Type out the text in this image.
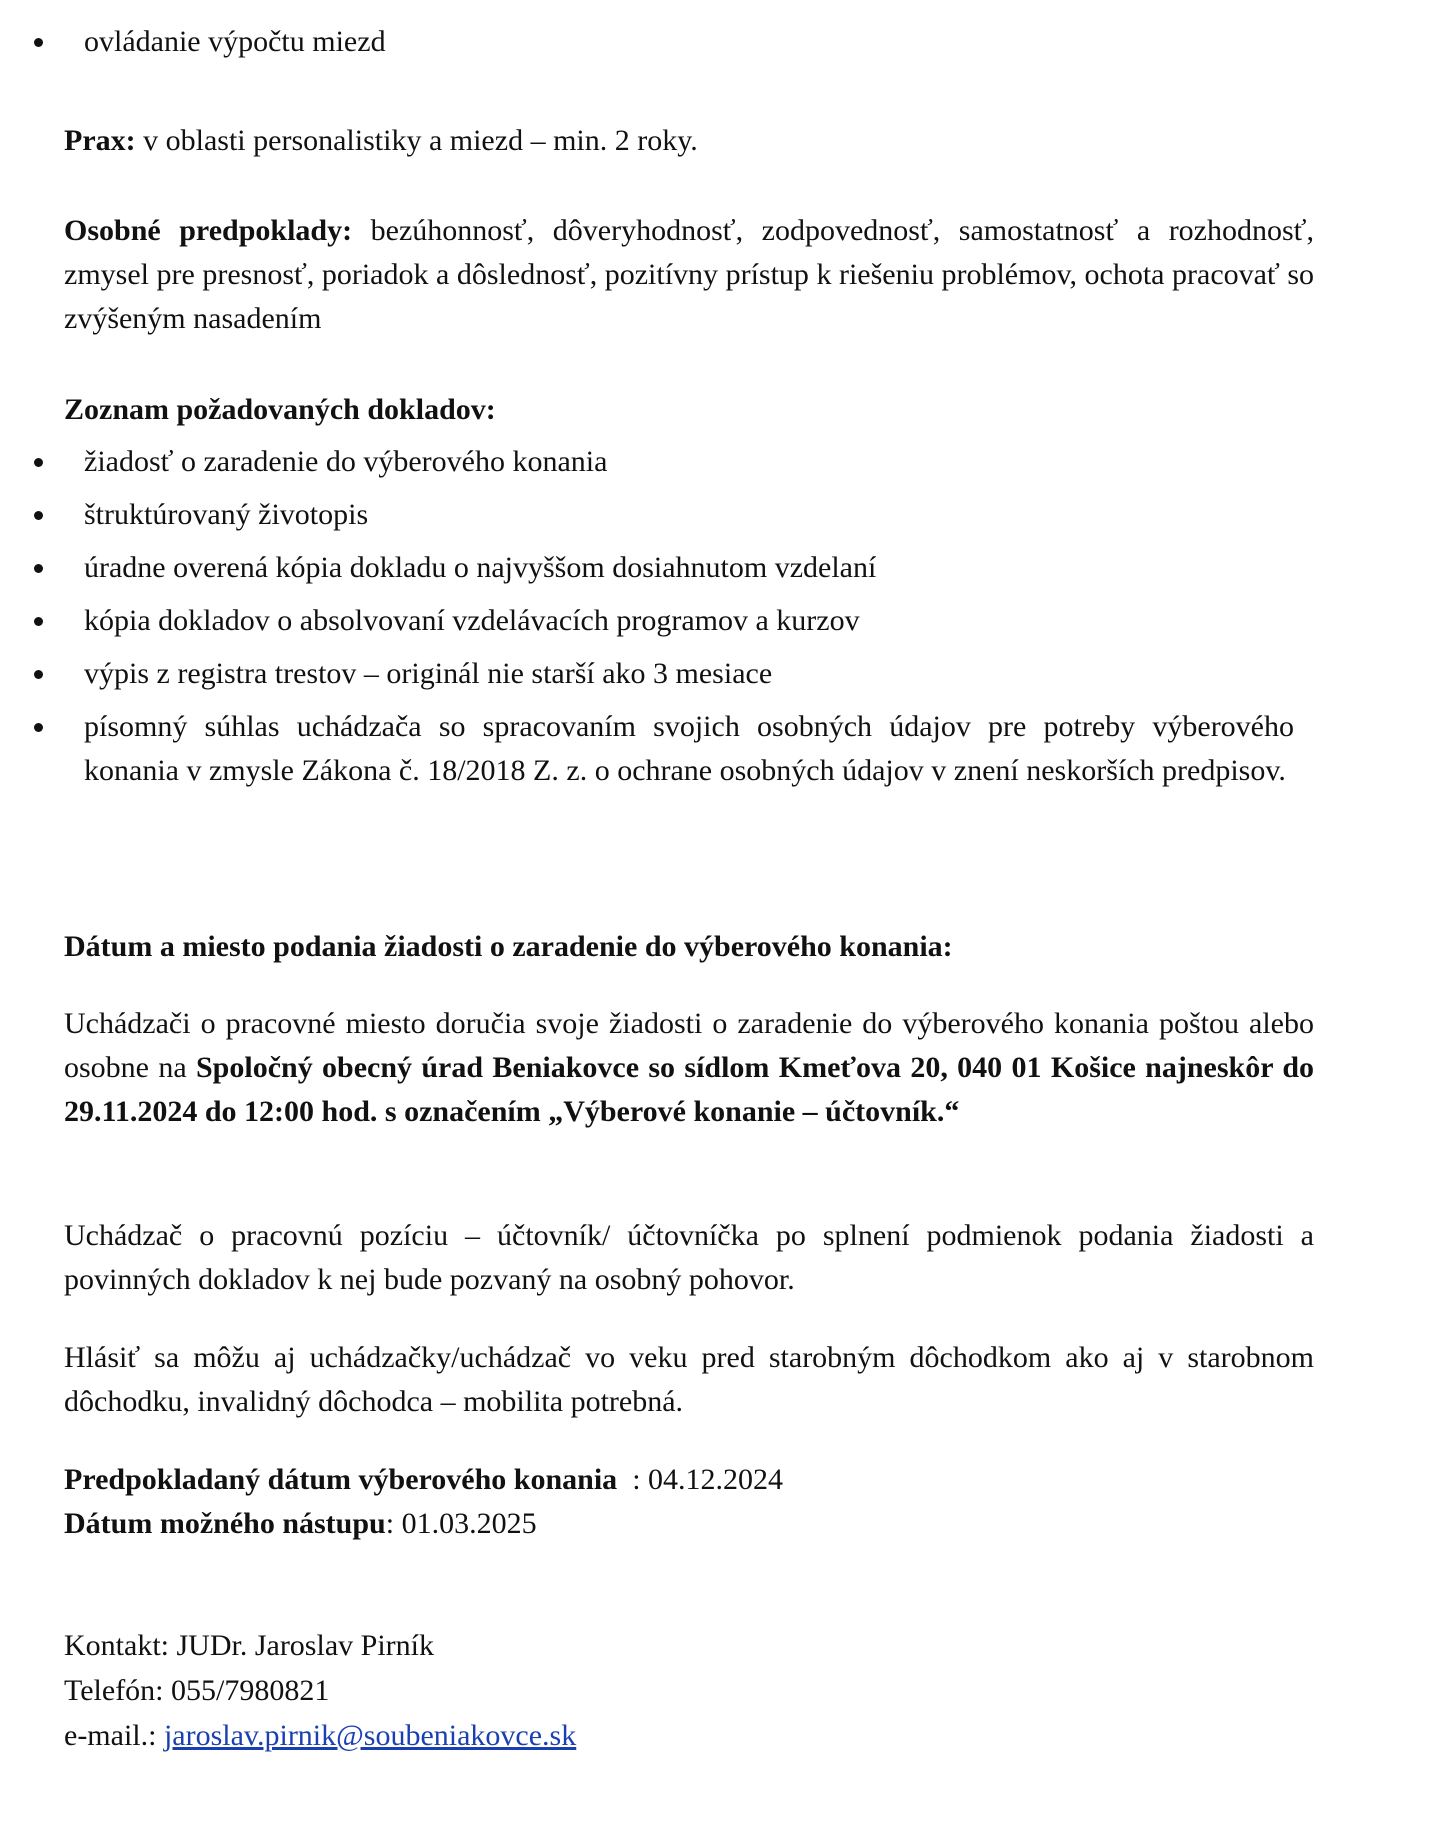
ovládanie výpočtu miezd
Prax: v oblasti personalistiky a miezd – min. 2 roky.
Osobné predpoklady: bezúhonnosť, dôveryhodnosť, zodpovednosť, samostatnosť a rozhodnosť, zmysel pre presnosť, poriadok a dôslednosť, pozitívny prístup k riešeniu problémov, ochota pracovať so zvýšeným nasadením
Zoznam požadovaných dokladov:
žiadosť o zaradenie do výberového konania
štruktúrovaný životopis
úradne overená kópia dokladu o najvyššom dosiahnutom vzdelaní
kópia dokladov o absolvovaní vzdelávacích programov a kurzov
výpis z registra trestov – originál nie starší ako 3 mesiace
písomný súhlas uchádzača so spracovaním svojich osobných údajov pre potreby výberového konania v zmysle Zákona č. 18/2018 Z. z. o ochrane osobných údajov v znení neskorších predpisov.
Dátum a miesto podania žiadosti o zaradenie do výberového konania:
Uchádzači o pracovné miesto doručia svoje žiadosti o zaradenie do výberového konania poštou alebo osobne na Spoločný obecný úrad Beniakovce so sídlom Kmeťova 20, 040 01 Košice najneskôr do 29.11.2024 do 12:00 hod. s označením „Výberové konanie – účtovník.“
Uchádzač o pracovnú pozíciu – účtovník/ účtovníčka po splnení podmienok podania žiadosti a povinných dokladov k nej bude pozvaný na osobný pohovor.
Hlásiť sa môžu aj uchádzačky/uchádzač vo veku pred starobným dôchodkom ako aj v starobnom dôchodku, invalidný dôchodca – mobilita potrebná.
Predpokladaný dátum výberového konania  : 04.12.2024
Dátum možného nástupu: 01.03.2025
Kontakt: JUDr. Jaroslav Pirník
Telefón: 055/7980821
e-mail.: jaroslav.pirnik@soubeniakovce.sk
